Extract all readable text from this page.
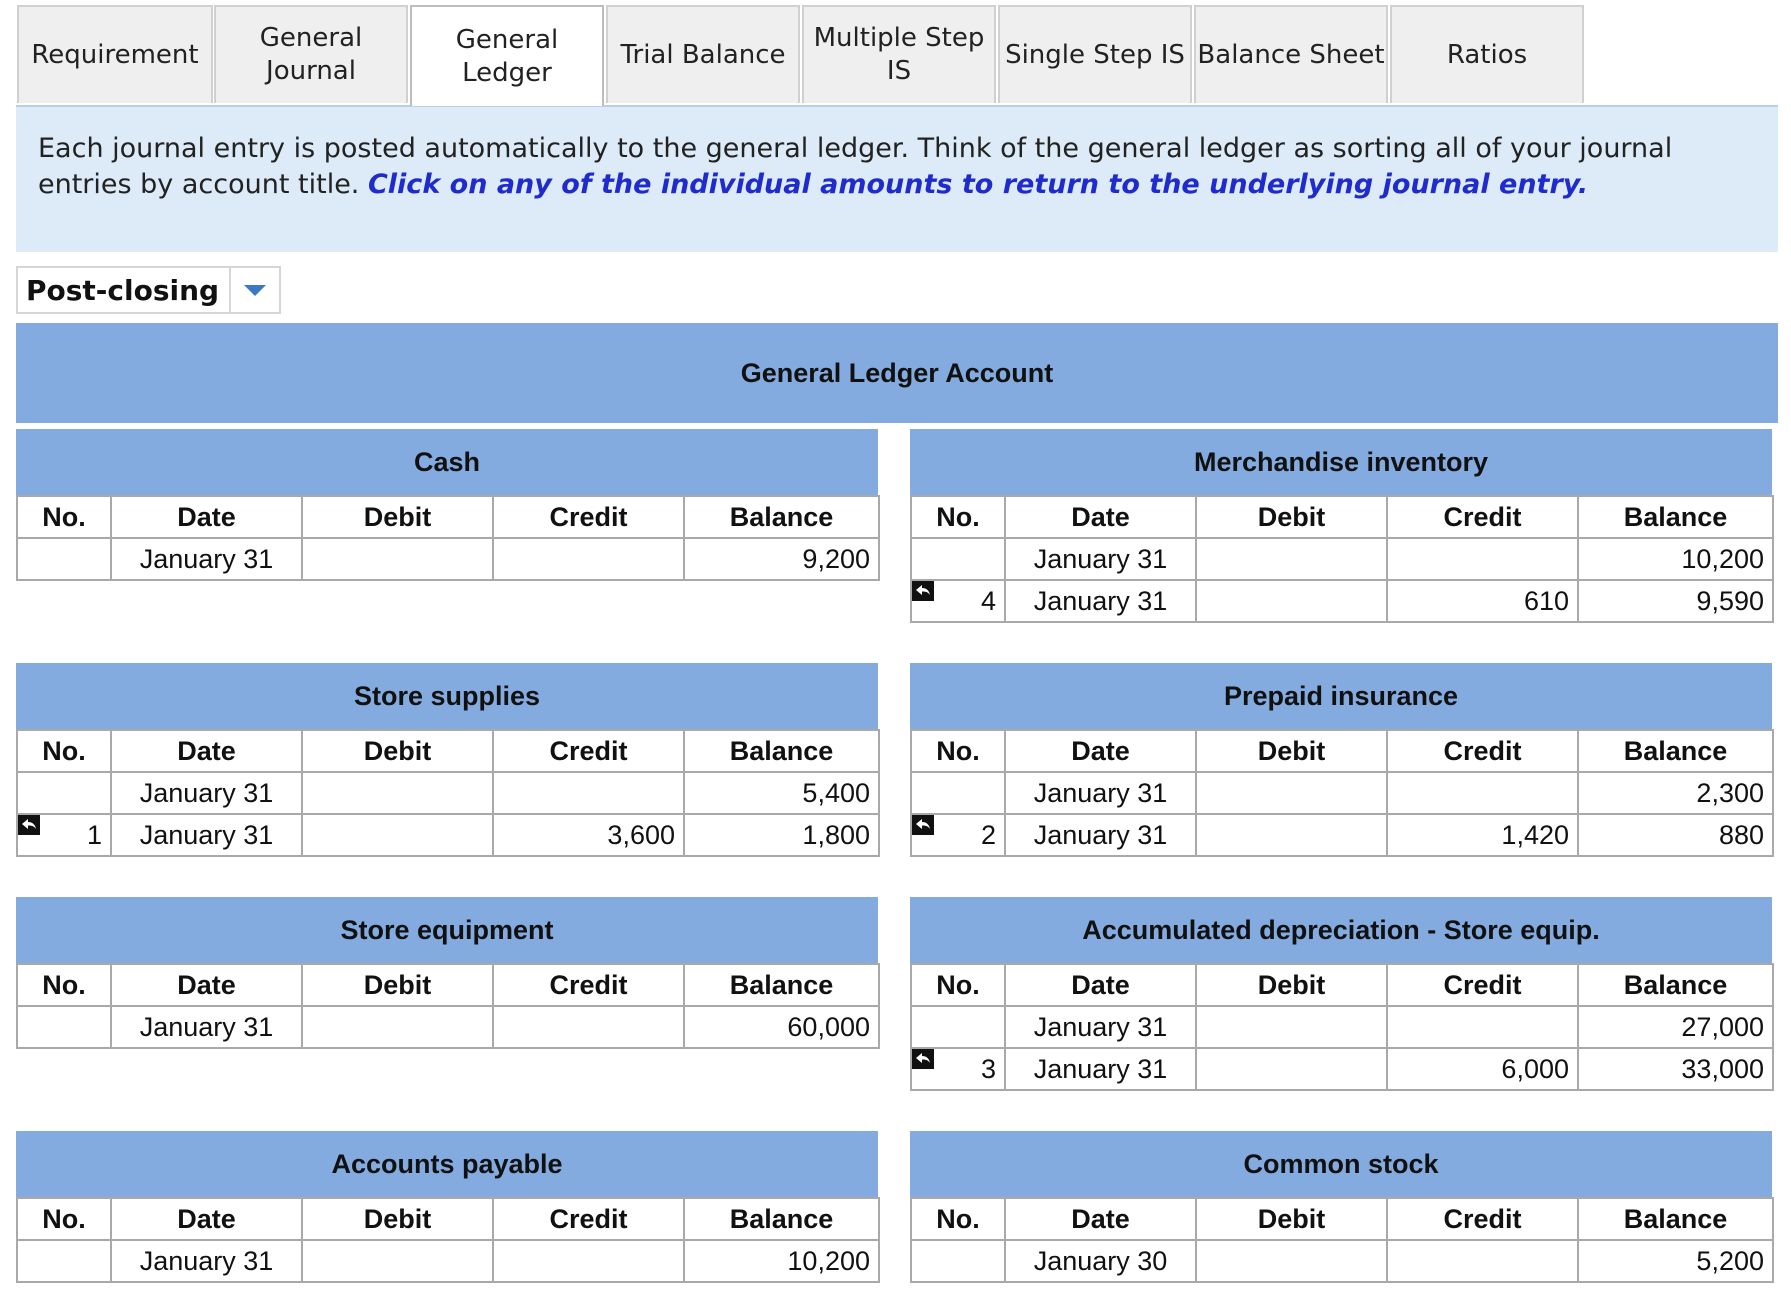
Requirement
General
Journal
General
Ledger
Trial Balance
Multiple Step
IS
Single Step IS Balance Sheet	Ratios
Each journal entry is posted automatically to the general ledger. Think of the general ledger as sorting all of your journal entries by account title. Click on any of the individual amounts to return to the underlying journal entry.
Post-closing
General Ledger Account
Cash
No.	Date	Debit	Credit	Balance
	January 31			9,200
Merchandise inventory
No.	Date	Debit	Credit	Balance
	January 31			10,200

4	January 31		610	9,590
Store supplies
No.	Date	Debit	Credit	Balance
	January 31			5,400

1	January 31		3,600	1,800
Prepaid insurance
No.	Date	Debit	Credit	Balance
	January 31			2,300

2	January 31		1,420	880
Store equipment
No.	Date	Debit	Credit	Balance
	January 31			60,000
Accumulated depreciation - Store equip.
No.	Date	Debit	Credit	Balance
	January 31			27,000

3	January 31		6,000	33,000
Accounts payable
No.	Date	Debit	Credit	Balance
	January 31			10,200
Common stock
No.	Date	Debit	Credit	Balance
	January 30			5,200
